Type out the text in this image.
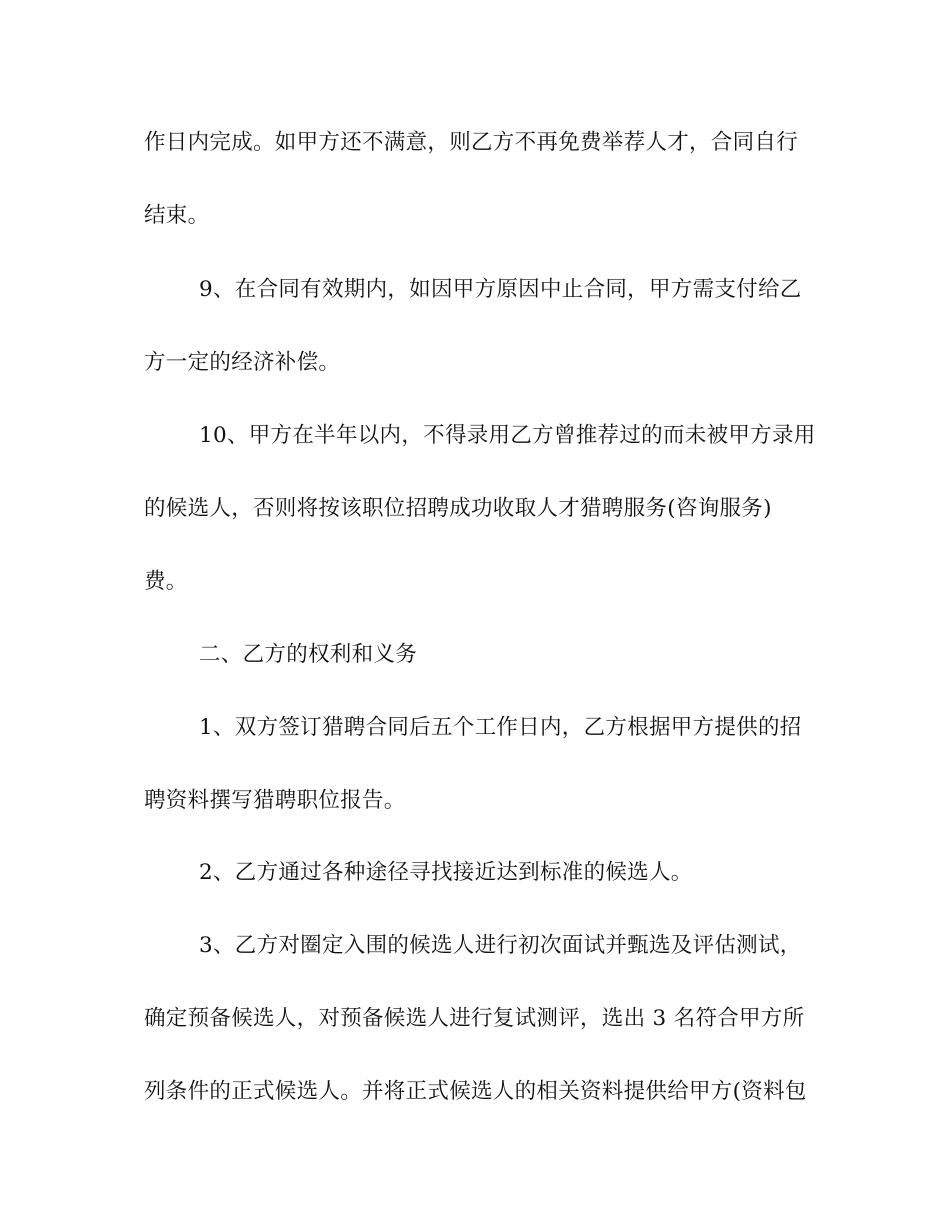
作日内完成。如甲方还不满意，则乙方不再免费举荐人才，合同自行
结束。
9、在合同有效期内，如因甲方原因中止合同，甲方需支付给乙
方一定的经济补偿。
10、甲方在半年以内，不得录用乙方曾推荐过的而未被甲方录用
的候选人，否则将按该职位招聘成功收取人才猎聘服务(咨询服务)
费。
二、乙方的权利和义务
1、双方签订猎聘合同后五个工作日内，乙方根据甲方提供的招
聘资料撰写猎聘职位报告。
2、乙方通过各种途径寻找接近达到标准的候选人。
3、乙方对圈定入围的候选人进行初次面试并甄选及评估测试，
确定预备候选人，对预备候选人进行复试测评，选出 3 名符合甲方所
列条件的正式候选人。并将正式候选人的相关资料提供给甲方(资料包
